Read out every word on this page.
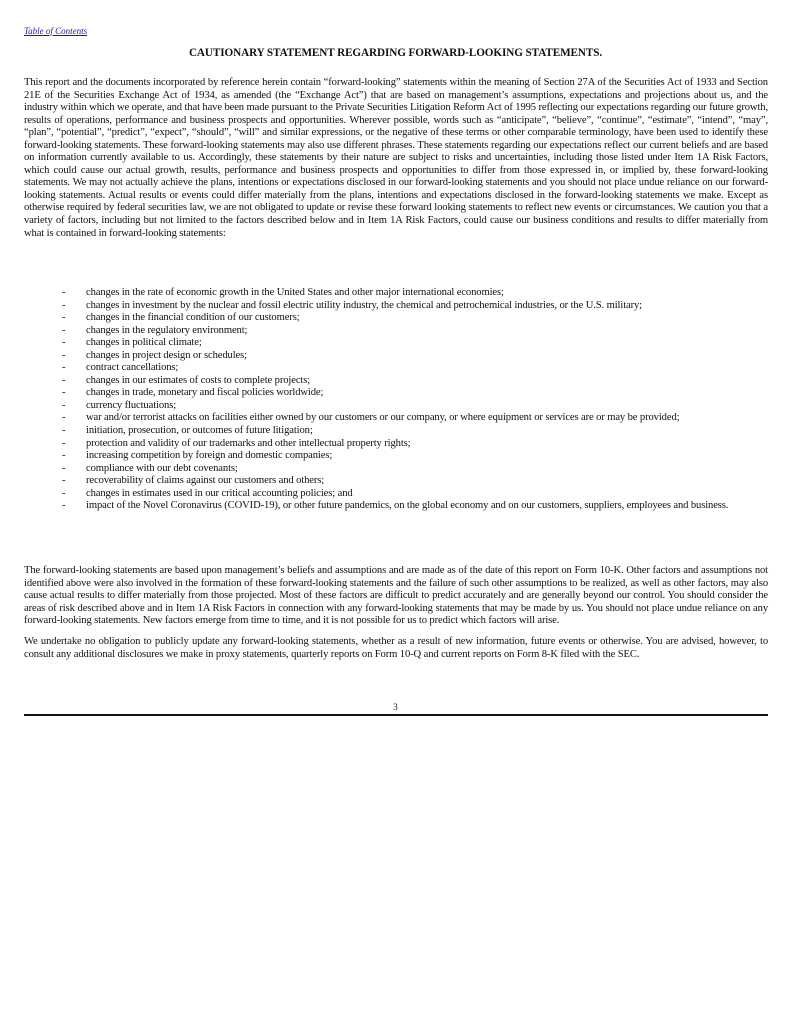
Table of Contents
CAUTIONARY STATEMENT REGARDING FORWARD-LOOKING STATEMENTS.

This report and the documents incorporated by reference herein contain “forward-looking” statements within the meaning of Section 27A of the Securities Act of 1933 and Section 21E of the Securities Exchange Act of 1934, as amended (the “Exchange Act”) that are based on management’s assumptions, expectations and projections about us, and the industry within which we operate, and that have been made pursuant to the Private Securities Litigation Reform Act of 1995 reflecting our expectations regarding our future growth, results of operations, performance and business prospects and opportunities. Wherever possible, words such as “anticipate”, “believe”, “continue”, “estimate”, “intend”, “may”, “plan”, “potential”, “predict”, “expect”, “should”, “will” and similar expressions, or the negative of these terms or other comparable terminology, have been used to identify these forward-looking statements. These forward-looking statements may also use different phrases. These statements regarding our expectations reflect our current beliefs and are based on information currently available to us. Accordingly, these statements by their nature are subject to risks and uncertainties, including those listed under Item 1A Risk Factors, which could cause our actual growth, results, performance and business prospects and opportunities to differ from those expressed in, or implied by, these forward-looking statements. We may not actually achieve the plans, intentions or expectations disclosed in our forward-looking statements and you should not place undue reliance on our forward-looking statements. Actual results or events could differ materially from the plans, intentions and expectations disclosed in the forward-looking statements we make. Except as otherwise required by federal securities law, we are not obligated to update or revise these forward looking statements to reflect new events or circumstances. We caution you that a variety of factors, including but not limited to the factors described below and in Item 1A Risk Factors, could cause our business conditions and results to differ materially from what is contained in forward-looking statements:

- changes in the rate of economic growth in the United States and other major international economies;
- changes in investment by the nuclear and fossil electric utility industry, the chemical and petrochemical industries, or the U.S. military;
- changes in the financial condition of our customers;
- changes in the regulatory environment;
- changes in political climate;
- changes in project design or schedules;
- contract cancellations;
- changes in our estimates of costs to complete projects;
- changes in trade, monetary and fiscal policies worldwide;
- currency fluctuations;
- war and/or terrorist attacks on facilities either owned by our customers or our company, or where equipment or services are or may be provided;
- initiation, prosecution, or outcomes of future litigation;
- protection and validity of our trademarks and other intellectual property rights;
- increasing competition by foreign and domestic companies;
- compliance with our debt covenants;
- recoverability of claims against our customers and others;
- changes in estimates used in our critical accounting policies; and
- impact of the Novel Coronavirus (COVID-19), or other future pandemics, on the global economy and on our customers, suppliers, employees and business.

The forward-looking statements are based upon management’s beliefs and assumptions and are made as of the date of this report on Form 10-K. Other factors and assumptions not identified above were also involved in the formation of these forward-looking statements and the failure of such other assumptions to be realized, as well as other factors, may also cause actual results to differ materially from those projected. Most of these factors are difficult to predict accurately and are generally beyond our control. You should consider the areas of risk described above and in Item 1A Risk Factors in connection with any forward-looking statements that may be made by us. You should not place undue reliance on any forward-looking statements. New factors emerge from time to time, and it is not possible for us to predict which factors will arise.

We undertake no obligation to publicly update any forward-looking statements, whether as a result of new information, future events or otherwise. You are advised, however, to consult any additional disclosures we make in proxy statements, quarterly reports on Form 10-Q and current reports on Form 8-K filed with the SEC.

3
